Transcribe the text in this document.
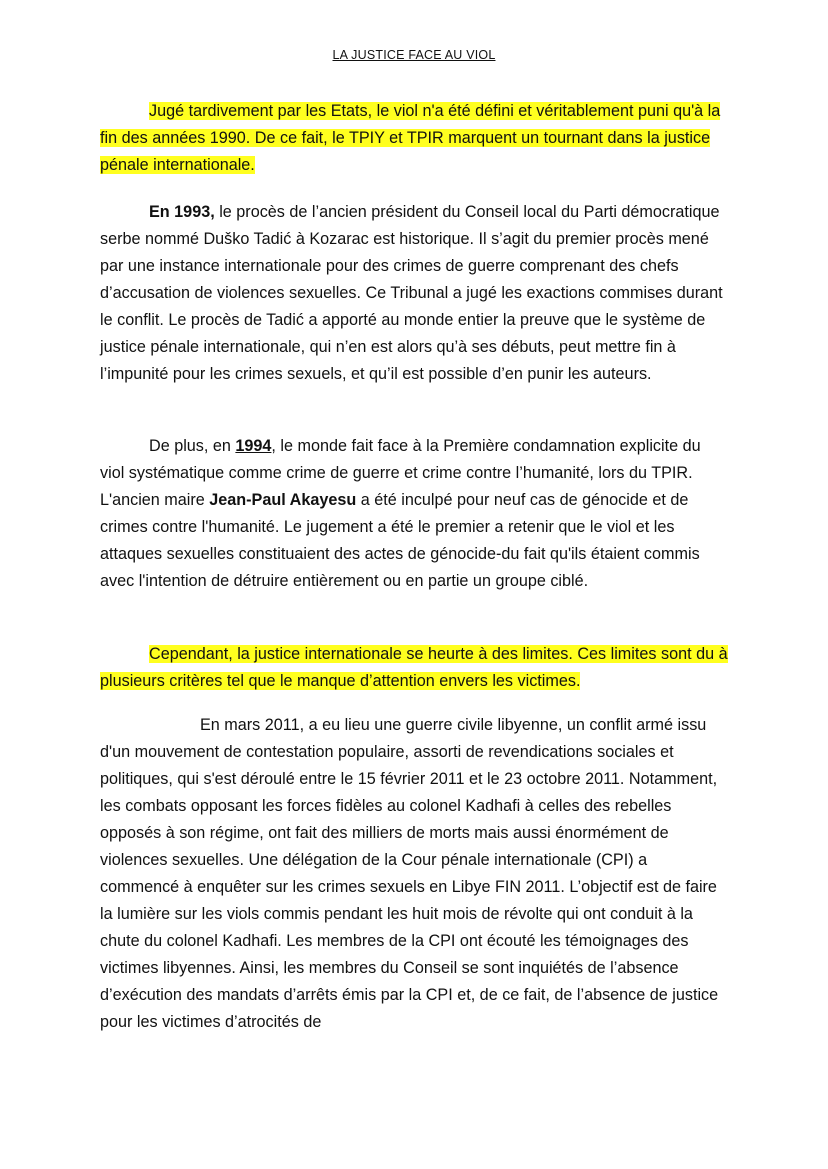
LA JUSTICE FACE AU VIOL

Jugé tardivement par les Etats, le viol n'a été défini et véritablement puni qu'à la fin des années 1990. De ce fait, le TPIY et TPIR marquent un tournant dans la justice pénale internationale.

En 1993, le procès de l’ancien président du Conseil local du Parti démocratique serbe nommé Duško Tadić à Kozarac est historique. Il s’agit du premier procès mené par une instance internationale pour des crimes de guerre comprenant des chefs d’accusation de violences sexuelles. Ce Tribunal a jugé les exactions commises durant le conflit. Le procès de Tadić a apporté au monde entier la preuve que le système de justice pénale internationale, qui n’en est alors qu’à ses débuts, peut mettre fin à l’impunité pour les crimes sexuels, et qu’il est possible d’en punir les auteurs.

De plus, en 1994, le monde fait face à la Première condamnation explicite du viol systématique comme crime de guerre et crime contre l’humanité, lors du TPIR. L'ancien maire Jean-Paul Akayesu a été inculpé pour neuf cas de génocide et de crimes contre l'humanité. Le jugement a été le premier a retenir que le viol et les attaques sexuelles constituaient des actes de génocide-du fait qu'ils étaient commis avec l'intention de détruire entièrement ou en partie un groupe ciblé.

Cependant, la justice internationale se heurte à des limites. Ces limites sont du à plusieurs critères tel que le manque d’attention envers les victimes.

En mars 2011, a eu lieu une guerre civile libyenne, un conflit armé issu d'un mouvement de contestation populaire, assorti de revendications sociales et politiques, qui s'est déroulé entre le 15 février 2011 et le 23 octobre 2011. Notamment, les combats opposant les forces fidèles au colonel Kadhafi à celles des rebelles opposés à son régime, ont fait des milliers de morts mais aussi énormément de violences sexuelles. Une délégation de la Cour pénale internationale (CPI) a commencé à enquêter sur les crimes sexuels en Libye FIN 2011. L’objectif est de faire la lumière sur les viols commis pendant les huit mois de révolte qui ont conduit à la chute du colonel Kadhafi. Les membres de la CPI ont écouté les témoignages des victimes libyennes. Ainsi, les membres du Conseil se sont inquiétés de l’absence d’exécution des mandats d’arrêts émis par la CPI et, de ce fait, de l’absence de justice pour les victimes d’atrocités de
